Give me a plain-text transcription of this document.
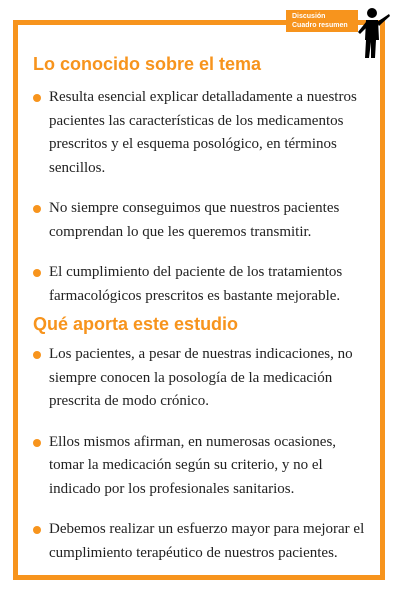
Discusión
Cuadro resumen
Lo conocido sobre el tema
Resulta esencial explicar detalladamente a nuestros pacientes las características de los medicamentos prescritos y el esquema posológico, en términos sencillos.
No siempre conseguimos que nuestros pacientes comprendan lo que les queremos transmitir.
El cumplimiento del paciente de los tratamientos farmacológicos prescritos es bastante mejorable.
Qué aporta este estudio
Los pacientes, a pesar de nuestras indicaciones, no siempre conocen la posología de la medicación prescrita de modo crónico.
Ellos mismos afirman, en numerosas ocasiones, tomar la medicación según su criterio, y no el indicado por los profesionales sanitarios.
Debemos realizar un esfuerzo mayor para mejorar el cumplimiento terapéutico de nuestros pacientes.
